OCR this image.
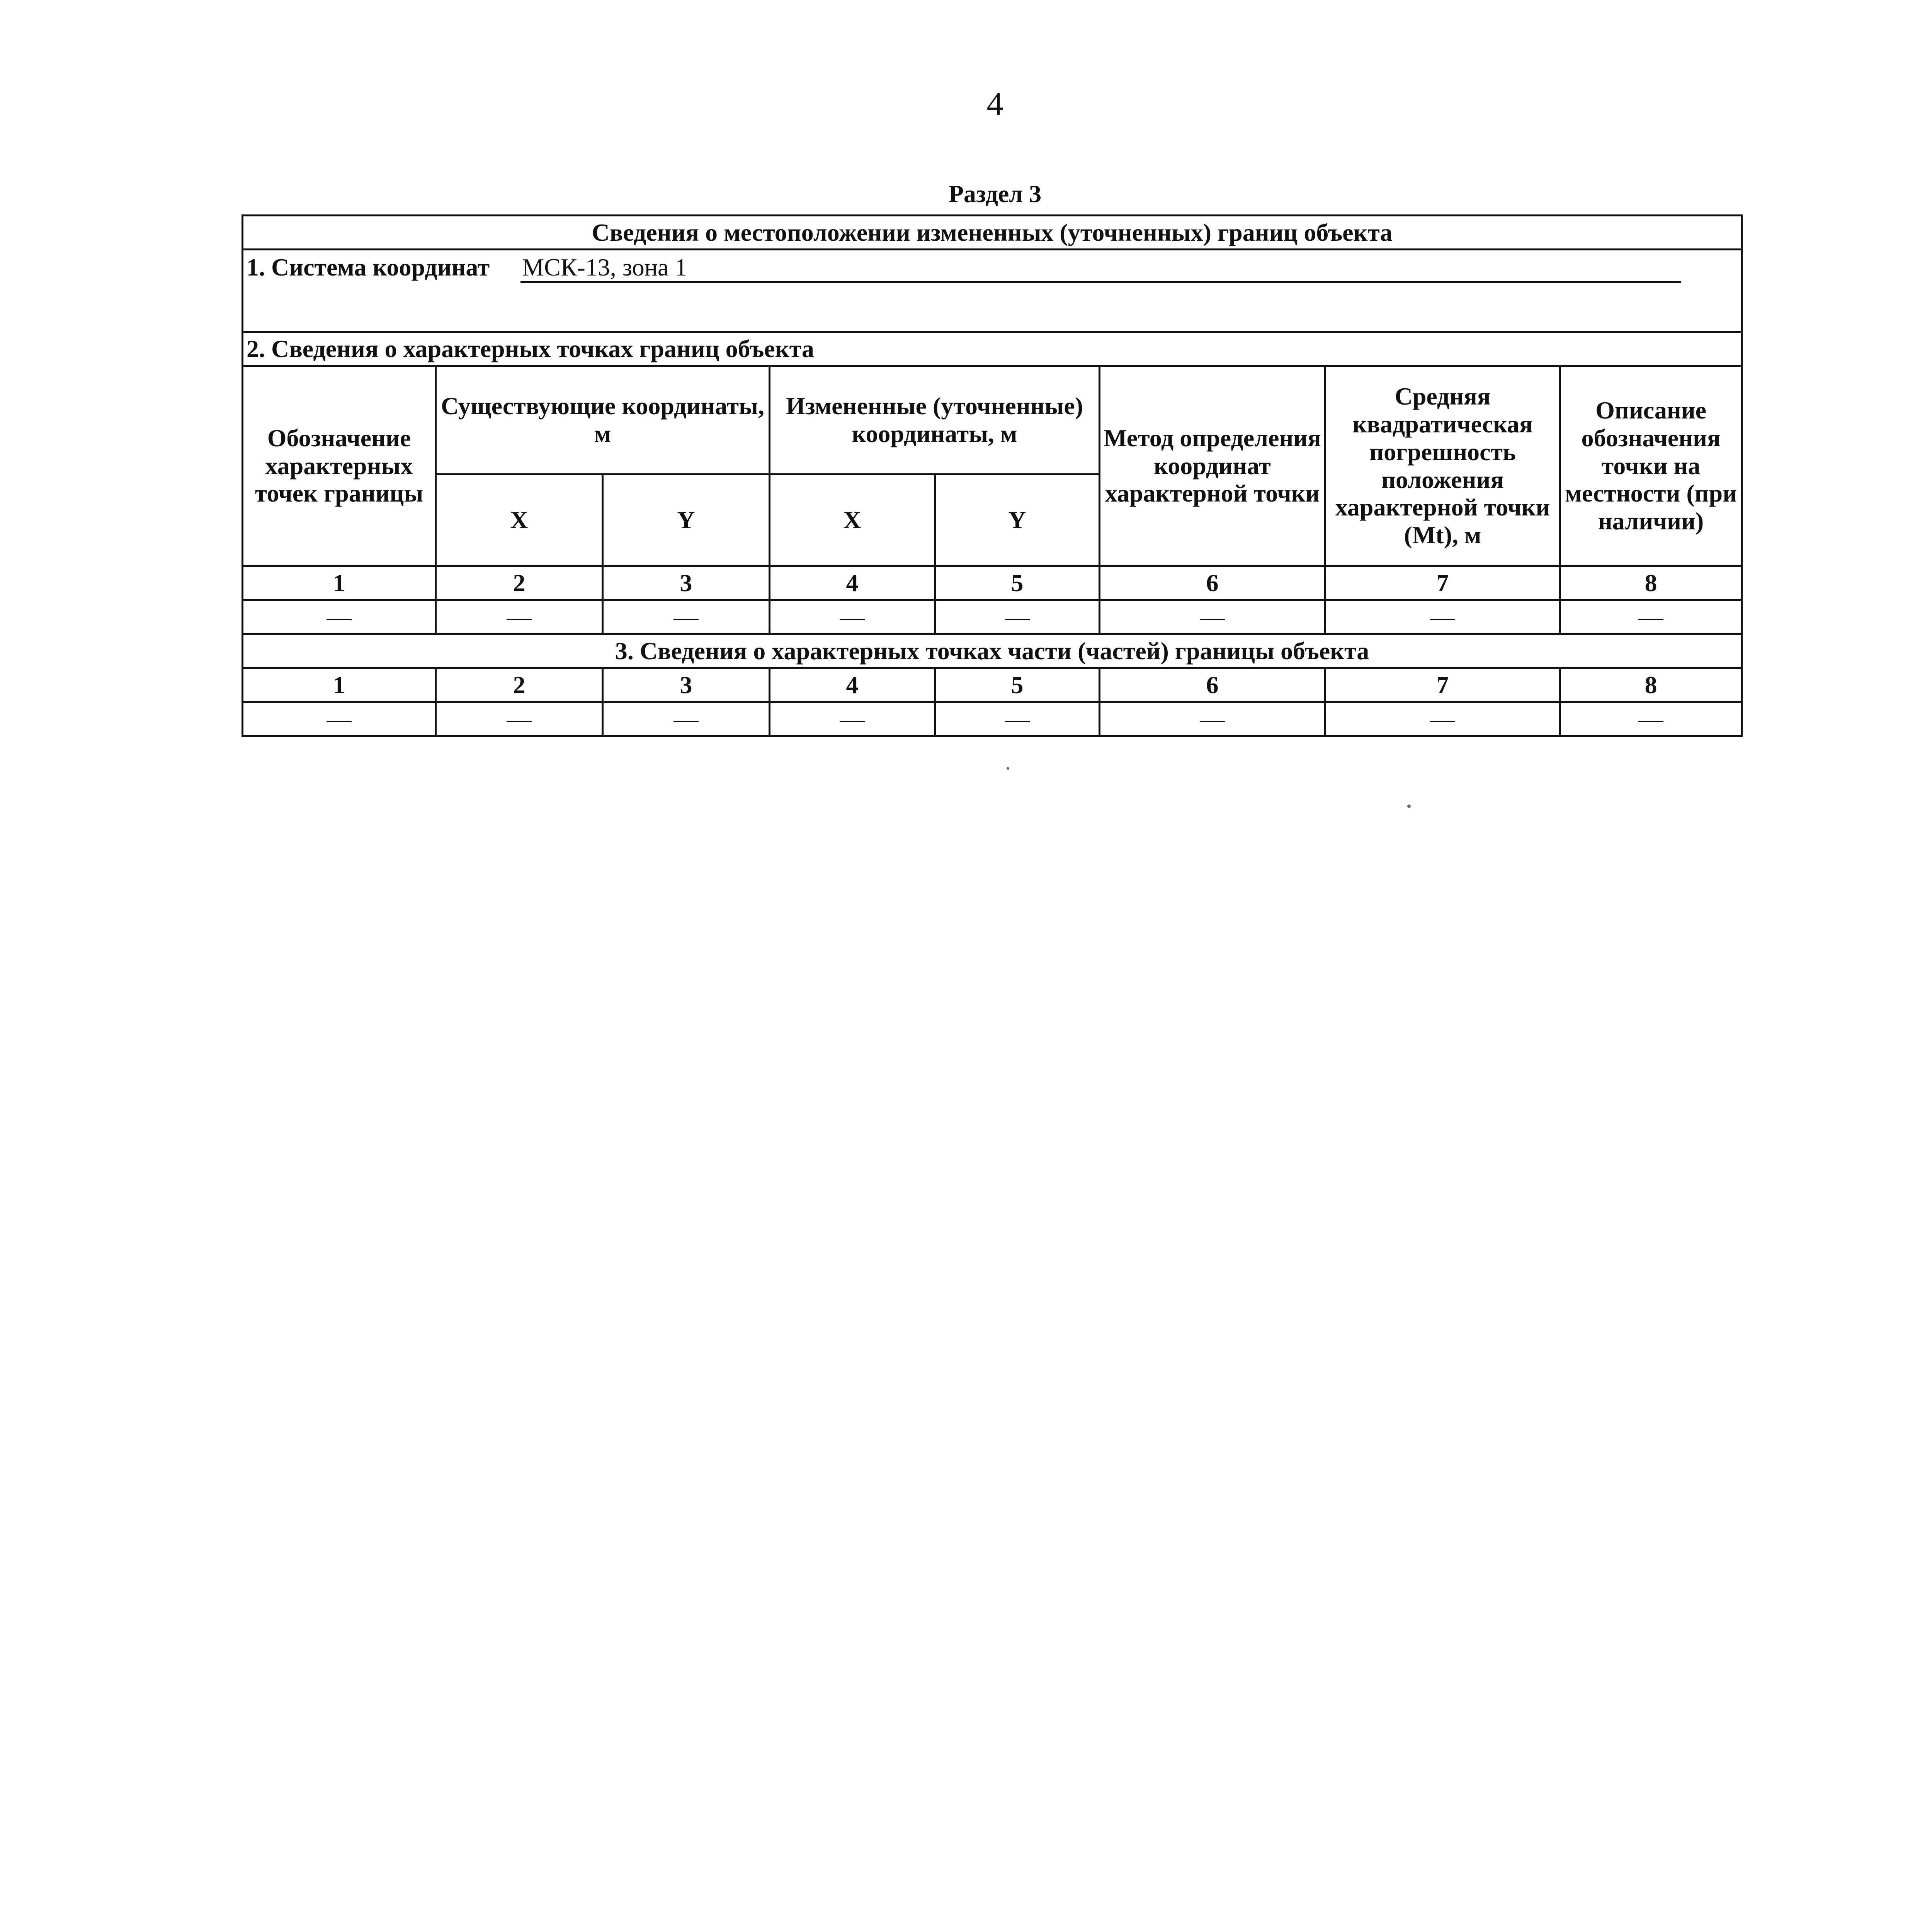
4
Раздел 3
Сведения о местоположении измененных (уточненных) границ объекта							
1. Система координат МСК-13, зона 1							
2. Сведения о характерных точках границ объекта							
Обозначение характерных точек границы	Существующие координаты, м		Измененные (уточненные) координаты, м		Метод определения координат характерной точки	Средняя квадратическая погрешность положения характерной точки (Mt), м	Описание обозначения точки на местности (при наличии)
	X	Y	X	Y			
1	2	3	4	5	6	7	8
—	—	—	—	—	—	—	—
3. Сведения о характерных точках части (частей) границы объекта							
1	2	3	4	5	6	7	8
—	—	—	—	—	—	—	—
